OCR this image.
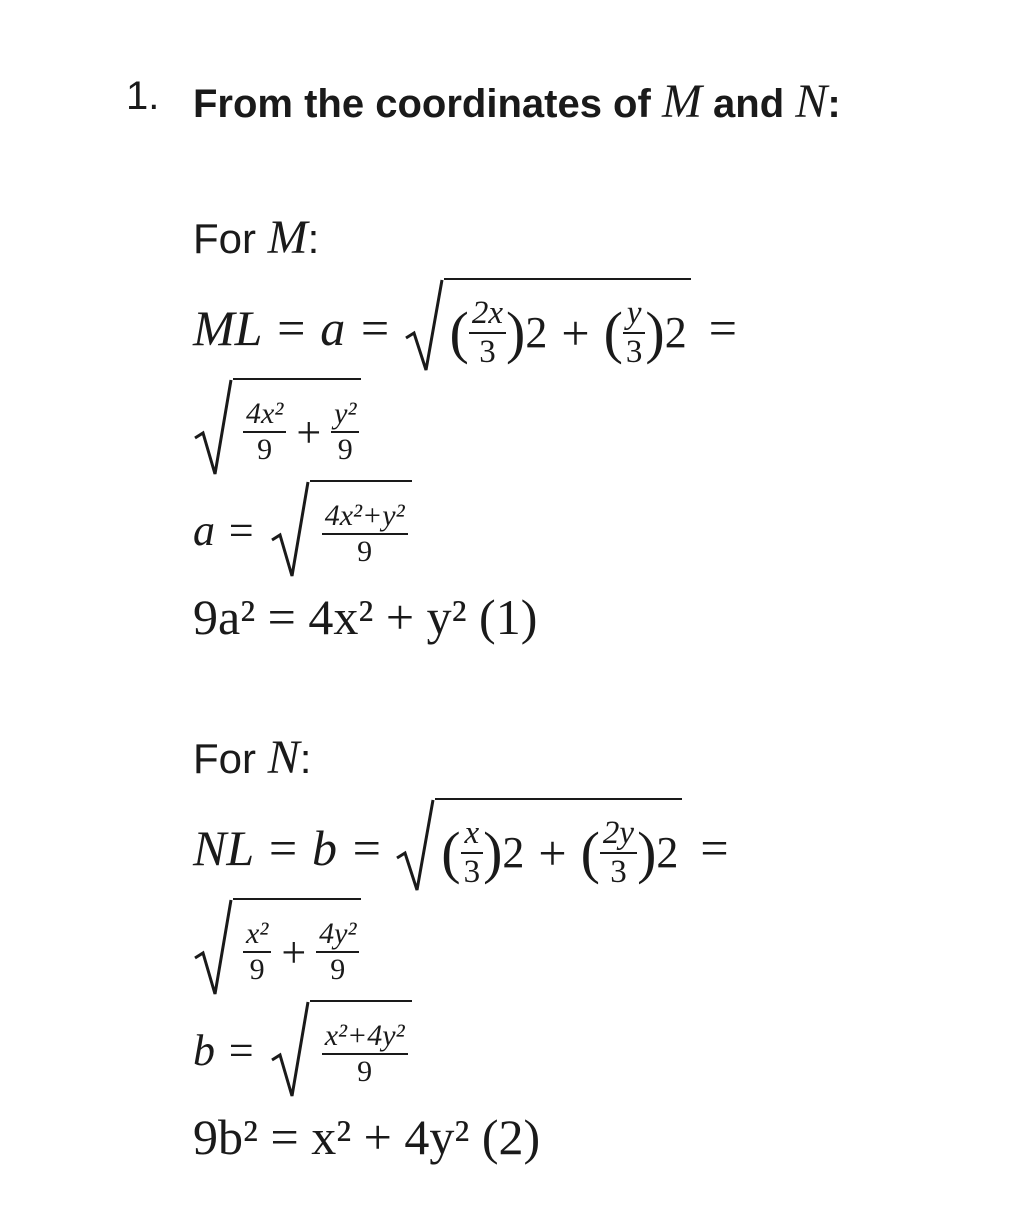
1. From the coordinates of M and N:
For M:
ML = a = ( $\frac{2x}{3}$ ) 2 + ( $\frac{y}{3}$ ) 2 =
$\frac{\text{4x²}}{9} + \frac{\text{y²}}{9}$
$a = \frac{\text{4x²+y²}}{9}$
9a² = 4x² + y² (1)
For N:
NL = b = ( $\frac{x}{3}$ ) 2 + ( $\frac{2y}{3}$ ) 2 =
$\frac{\text{x²}}{9} + \frac{\text{4y²}}{9}$
$b = \frac{\text{x²+4y²}}{9}$
9b² = x² + 4y² (2)
